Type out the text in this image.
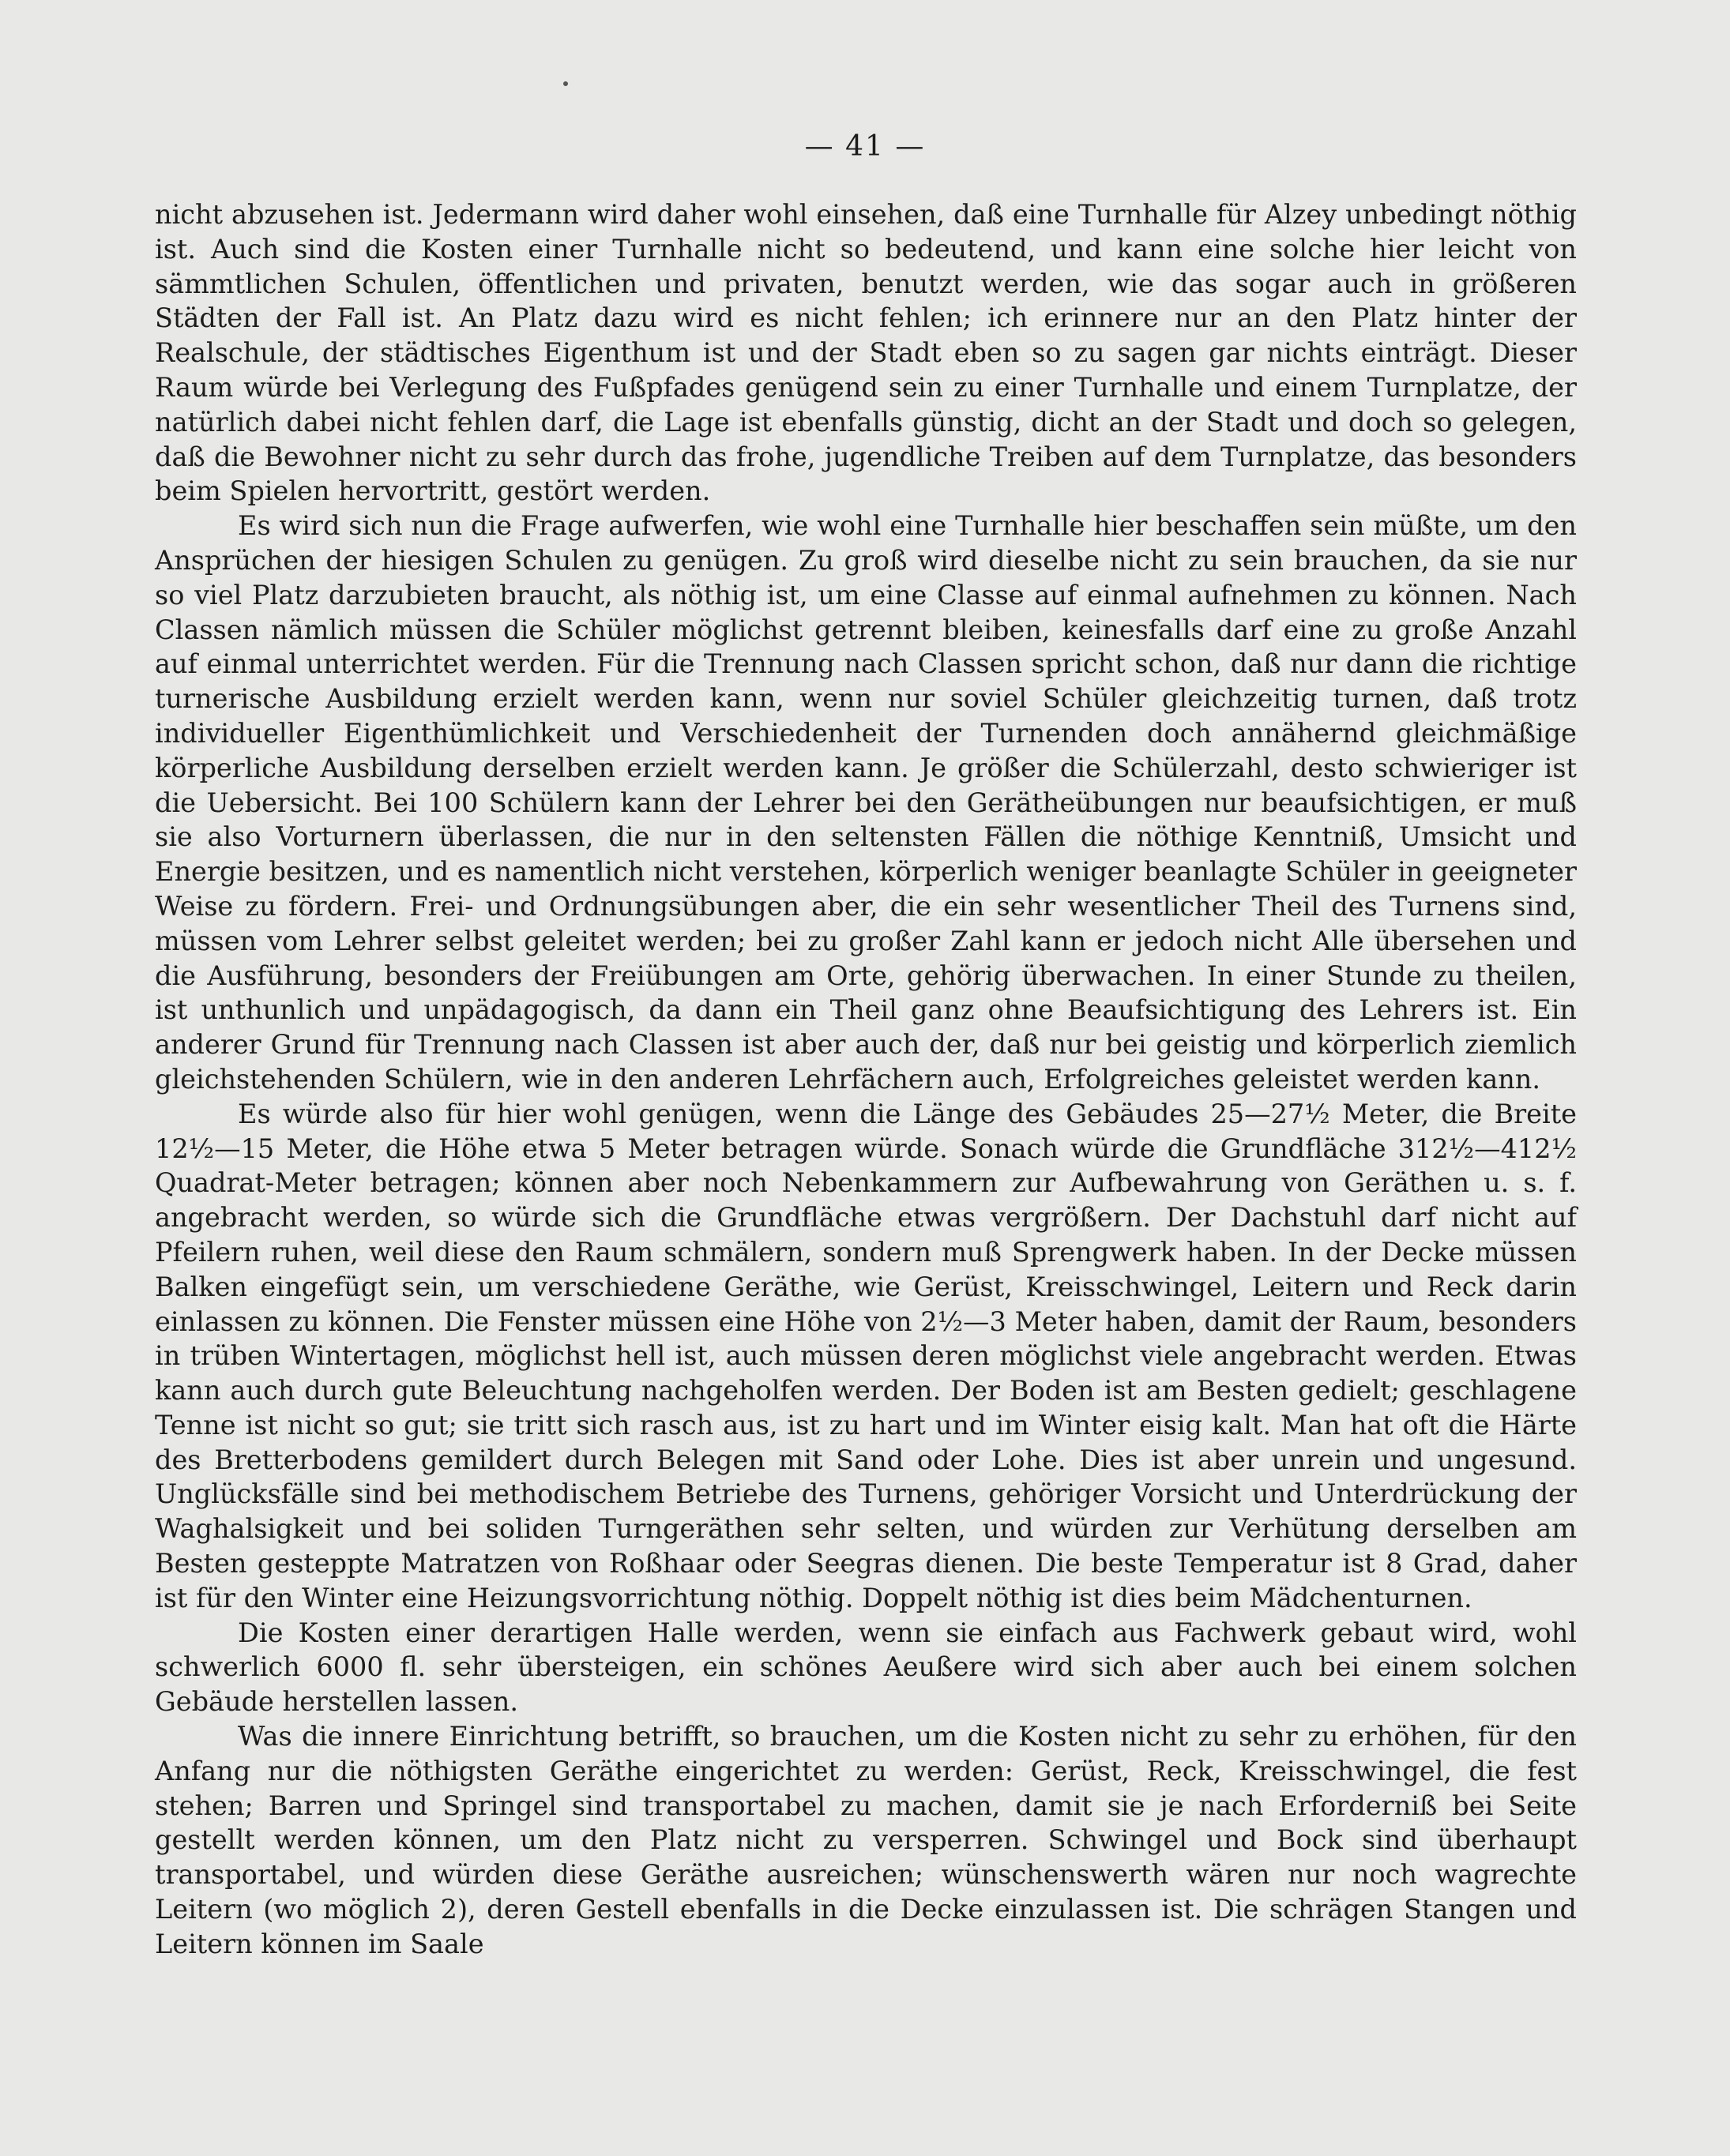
— 41 —

nicht abzusehen ist. Jedermann wird daher wohl einsehen, daß eine Turnhalle für Alzey unbedingt nöthig ist. Auch sind die Kosten einer Turnhalle nicht so bedeutend, und kann eine solche hier leicht von sämmtlichen Schulen, öffentlichen und privaten, benutzt werden, wie das sogar auch in größeren Städten der Fall ist. An Platz dazu wird es nicht fehlen; ich erinnere nur an den Platz hinter der Realschule, der städtisches Eigenthum ist und der Stadt eben so zu sagen gar nichts einträgt. Dieser Raum würde bei Verlegung des Fußpfades genügend sein zu einer Turnhalle und einem Turnplatze, der natürlich dabei nicht fehlen darf, die Lage ist ebenfalls günstig, dicht an der Stadt und doch so gelegen, daß die Bewohner nicht zu sehr durch das frohe, jugendliche Treiben auf dem Turnplatze, das besonders beim Spielen hervortritt, gestört werden.

Es wird sich nun die Frage aufwerfen, wie wohl eine Turnhalle hier beschaffen sein müßte, um den Ansprüchen der hiesigen Schulen zu genügen. Zu groß wird dieselbe nicht zu sein brauchen, da sie nur so viel Platz darzubieten braucht, als nöthig ist, um eine Classe auf einmal aufnehmen zu können. Nach Classen nämlich müssen die Schüler möglichst getrennt bleiben, keinesfalls darf eine zu große Anzahl auf einmal unterrichtet werden. Für die Trennung nach Classen spricht schon, daß nur dann die richtige turnerische Ausbildung erzielt werden kann, wenn nur soviel Schüler gleichzeitig turnen, daß trotz individueller Eigenthümlichkeit und Verschiedenheit der Turnenden doch annähernd gleichmäßige körperliche Ausbildung derselben erzielt werden kann. Je größer die Schülerzahl, desto schwieriger ist die Uebersicht. Bei 100 Schülern kann der Lehrer bei den Gerätheübungen nur beaufsichtigen, er muß sie also Vorturnern überlassen, die nur in den seltensten Fällen die nöthige Kenntniß, Umsicht und Energie besitzen, und es namentlich nicht verstehen, körperlich weniger beanlagte Schüler in geeigneter Weise zu fördern. Frei- und Ordnungsübungen aber, die ein sehr wesentlicher Theil des Turnens sind, müssen vom Lehrer selbst geleitet werden; bei zu großer Zahl kann er jedoch nicht Alle übersehen und die Ausführung, besonders der Freiübungen am Orte, gehörig überwachen. In einer Stunde zu theilen, ist unthunlich und unpädagogisch, da dann ein Theil ganz ohne Beaufsichtigung des Lehrers ist. Ein anderer Grund für Trennung nach Classen ist aber auch der, daß nur bei geistig und körperlich ziemlich gleichstehenden Schülern, wie in den anderen Lehrfächern auch, Erfolgreiches geleistet werden kann.

Es würde also für hier wohl genügen, wenn die Länge des Gebäudes 25—27½ Meter, die Breite 12½—15 Meter, die Höhe etwa 5 Meter betragen würde. Sonach würde die Grundfläche 312½—412½ Quadrat-Meter betragen; können aber noch Nebenkammern zur Aufbewahrung von Geräthen u. s. f. angebracht werden, so würde sich die Grundfläche etwas vergrößern. Der Dachstuhl darf nicht auf Pfeilern ruhen, weil diese den Raum schmälern, sondern muß Sprengwerk haben. In der Decke müssen Balken eingefügt sein, um verschiedene Geräthe, wie Gerüst, Kreisschwingel, Leitern und Reck darin einlassen zu können. Die Fenster müssen eine Höhe von 2½—3 Meter haben, damit der Raum, besonders in trüben Wintertagen, möglichst hell ist, auch müssen deren möglichst viele angebracht werden. Etwas kann auch durch gute Beleuchtung nachgeholfen werden. Der Boden ist am Besten gedielt; geschlagene Tenne ist nicht so gut; sie tritt sich rasch aus, ist zu hart und im Winter eisig kalt. Man hat oft die Härte des Bretterbodens gemildert durch Belegen mit Sand oder Lohe. Dies ist aber unrein und ungesund. Unglücksfälle sind bei methodischem Betriebe des Turnens, gehöriger Vorsicht und Unterdrückung der Waghalsigkeit und bei soliden Turngeräthen sehr selten, und würden zur Verhütung derselben am Besten gesteppte Matratzen von Roßhaar oder Seegras dienen. Die beste Temperatur ist 8 Grad, daher ist für den Winter eine Heizungsvorrichtung nöthig. Doppelt nöthig ist dies beim Mädchenturnen.

Die Kosten einer derartigen Halle werden, wenn sie einfach aus Fachwerk gebaut wird, wohl schwerlich 6000 fl. sehr übersteigen, ein schönes Aeußere wird sich aber auch bei einem solchen Gebäude herstellen lassen.

Was die innere Einrichtung betrifft, so brauchen, um die Kosten nicht zu sehr zu erhöhen, für den Anfang nur die nöthigsten Geräthe eingerichtet zu werden: Gerüst, Reck, Kreisschwingel, die fest stehen; Barren und Springel sind transportabel zu machen, damit sie je nach Erforderniß bei Seite gestellt werden können, um den Platz nicht zu versperren. Schwingel und Bock sind überhaupt transportabel, und würden diese Geräthe ausreichen; wünschenswerth wären nur noch wagrechte Leitern (wo möglich 2), deren Gestell ebenfalls in die Decke einzulassen ist. Die schrägen Stangen und Leitern können im Saale
